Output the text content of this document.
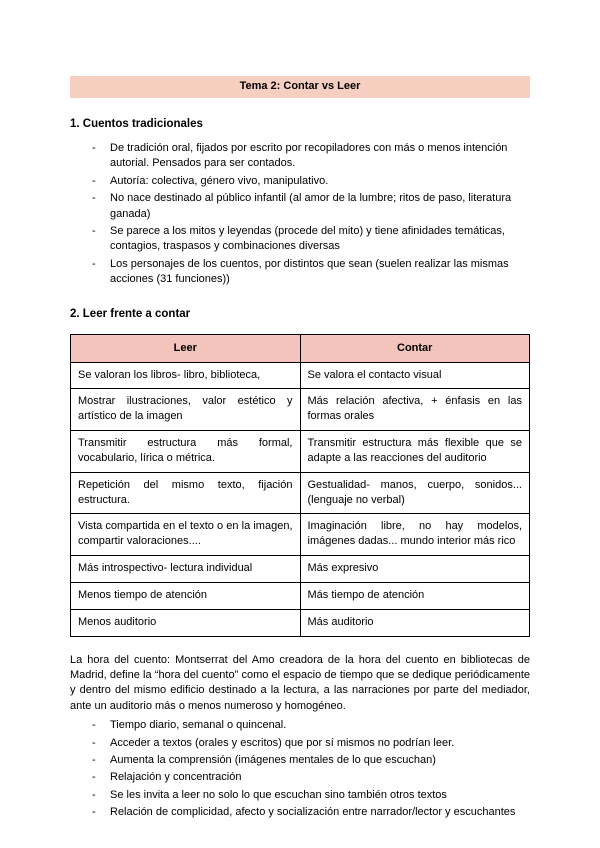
Tema 2: Contar vs Leer
1. Cuentos tradicionales
- De tradición oral, fijados por escrito por recopiladores con más o menos intención autorial. Pensados para ser contados.
- Autoría: colectiva, género vivo, manipulativo.
- No nace destinado al público infantil (al amor de la lumbre; ritos de paso, literatura ganada)
- Se parece a los mitos y leyendas (procede del mito) y tiene afinidades temáticas, contagios, traspasos y combinaciones diversas
- Los personajes de los cuentos, por distintos que sean (suelen realizar las mismas acciones (31 funciones))
2. Leer frente a contar
Leer	Contar
Se valoran los libros- libro, biblioteca,	Se valora el contacto visual
Mostrar ilustraciones, valor estético y artístico de la imagen	Más relación afectiva, + énfasis en las formas orales
Transmitir estructura más formal, vocabulario, lírica o métrica.	Transmitir estructura más flexible que se adapte a las reacciones del auditorio
Repetición del mismo texto, fijación estructura.	Gestualidad- manos, cuerpo, sonidos... (lenguaje no verbal)
Vista compartida en el texto o en la imagen, compartir valoraciones....	Imaginación libre, no hay modelos, imágenes dadas... mundo interior más rico
Más introspectivo- lectura individual	Más expresivo
Menos tiempo de atención	Más tiempo de atención
Menos auditorio	Más auditorio

La hora del cuento: Montserrat del Amo creadora de la hora del cuento en bibliotecas de Madrid, define la “hora del cuento” como el espacio de tiempo que se dedique periódicamente y dentro del mismo edificio destinado a la lectura, a las narraciones por parte del mediador, ante un auditorio más o menos numeroso y homogéneo.

- Tiempo diario, semanal o quincenal.
- Acceder a textos (orales y escritos) que por sí mismos no podrían leer.
- Aumenta la comprensión (imágenes mentales de lo que escuchan)
- Relajación y concentración
- Se les invita a leer no solo lo que escuchan sino también otros textos
- Relación de complicidad, afecto y socialización entre narrador/lector y escuchantes
